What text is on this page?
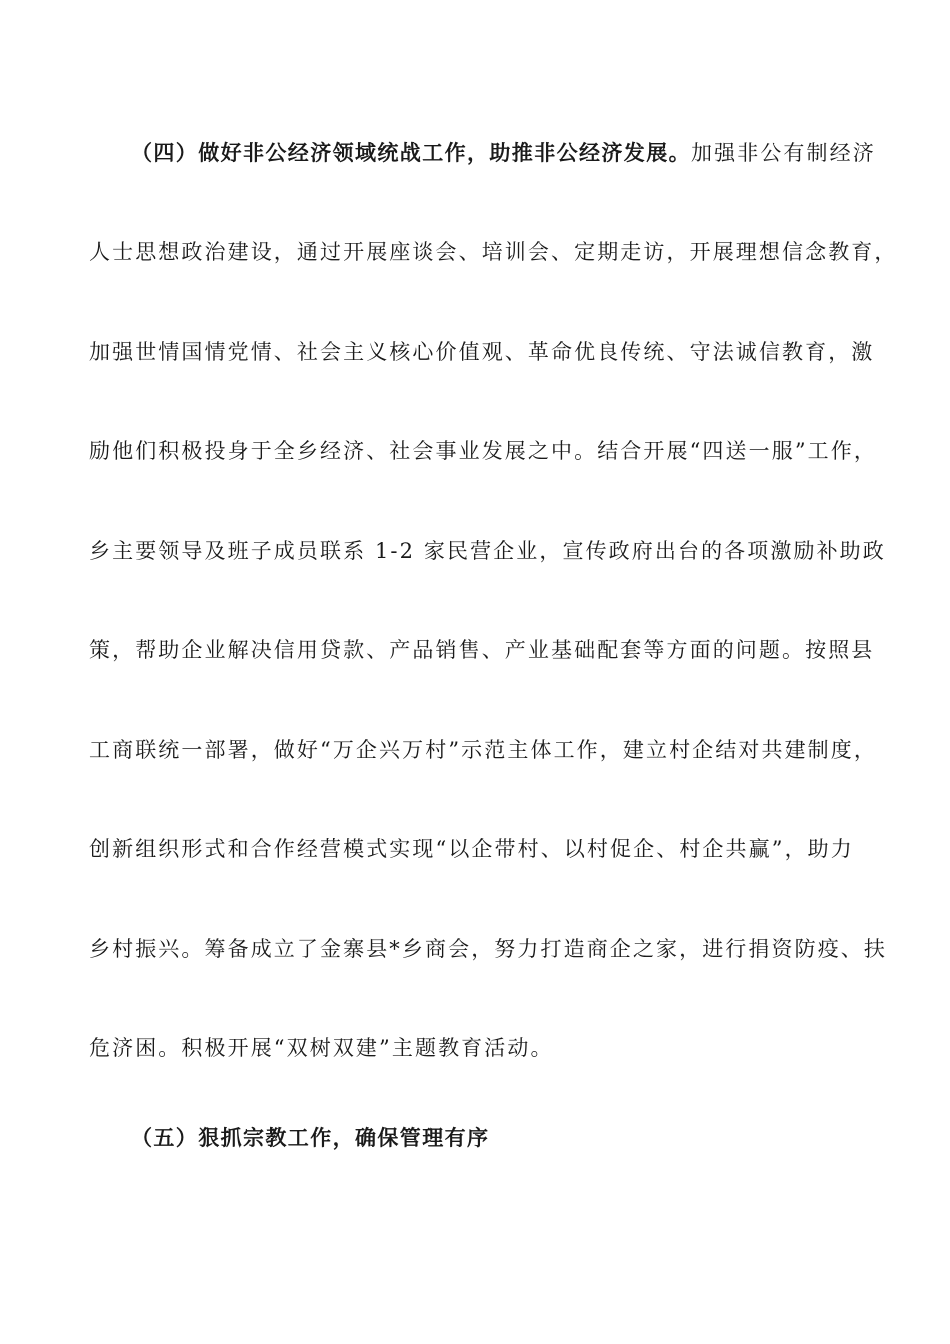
（四）做好非公经济领域统战工作，助推非公经济发展。加强非公有制经济
人士思想政治建设，通过开展座谈会、培训会、定期走访，开展理想信念教育，
加强世情国情党情、社会主义核心价值观、革命优良传统、守法诚信教育，激
励他们积极投身于全乡经济、社会事业发展之中。结合开展“四送一服”工作，
乡主要领导及班子成员联系 1-2 家民营企业，宣传政府出台的各项激励补助政
策，帮助企业解决信用贷款、产品销售、产业基础配套等方面的问题。按照县
工商联统一部署，做好“万企兴万村”示范主体工作，建立村企结对共建制度，
创新组织形式和合作经营模式实现“以企带村、以村促企、村企共赢”，助力
乡村振兴。筹备成立了金寨县*乡商会，努力打造商企之家，进行捐资防疫、扶
危济困。积极开展“双树双建”主题教育活动。
（五）狠抓宗教工作，确保管理有序
